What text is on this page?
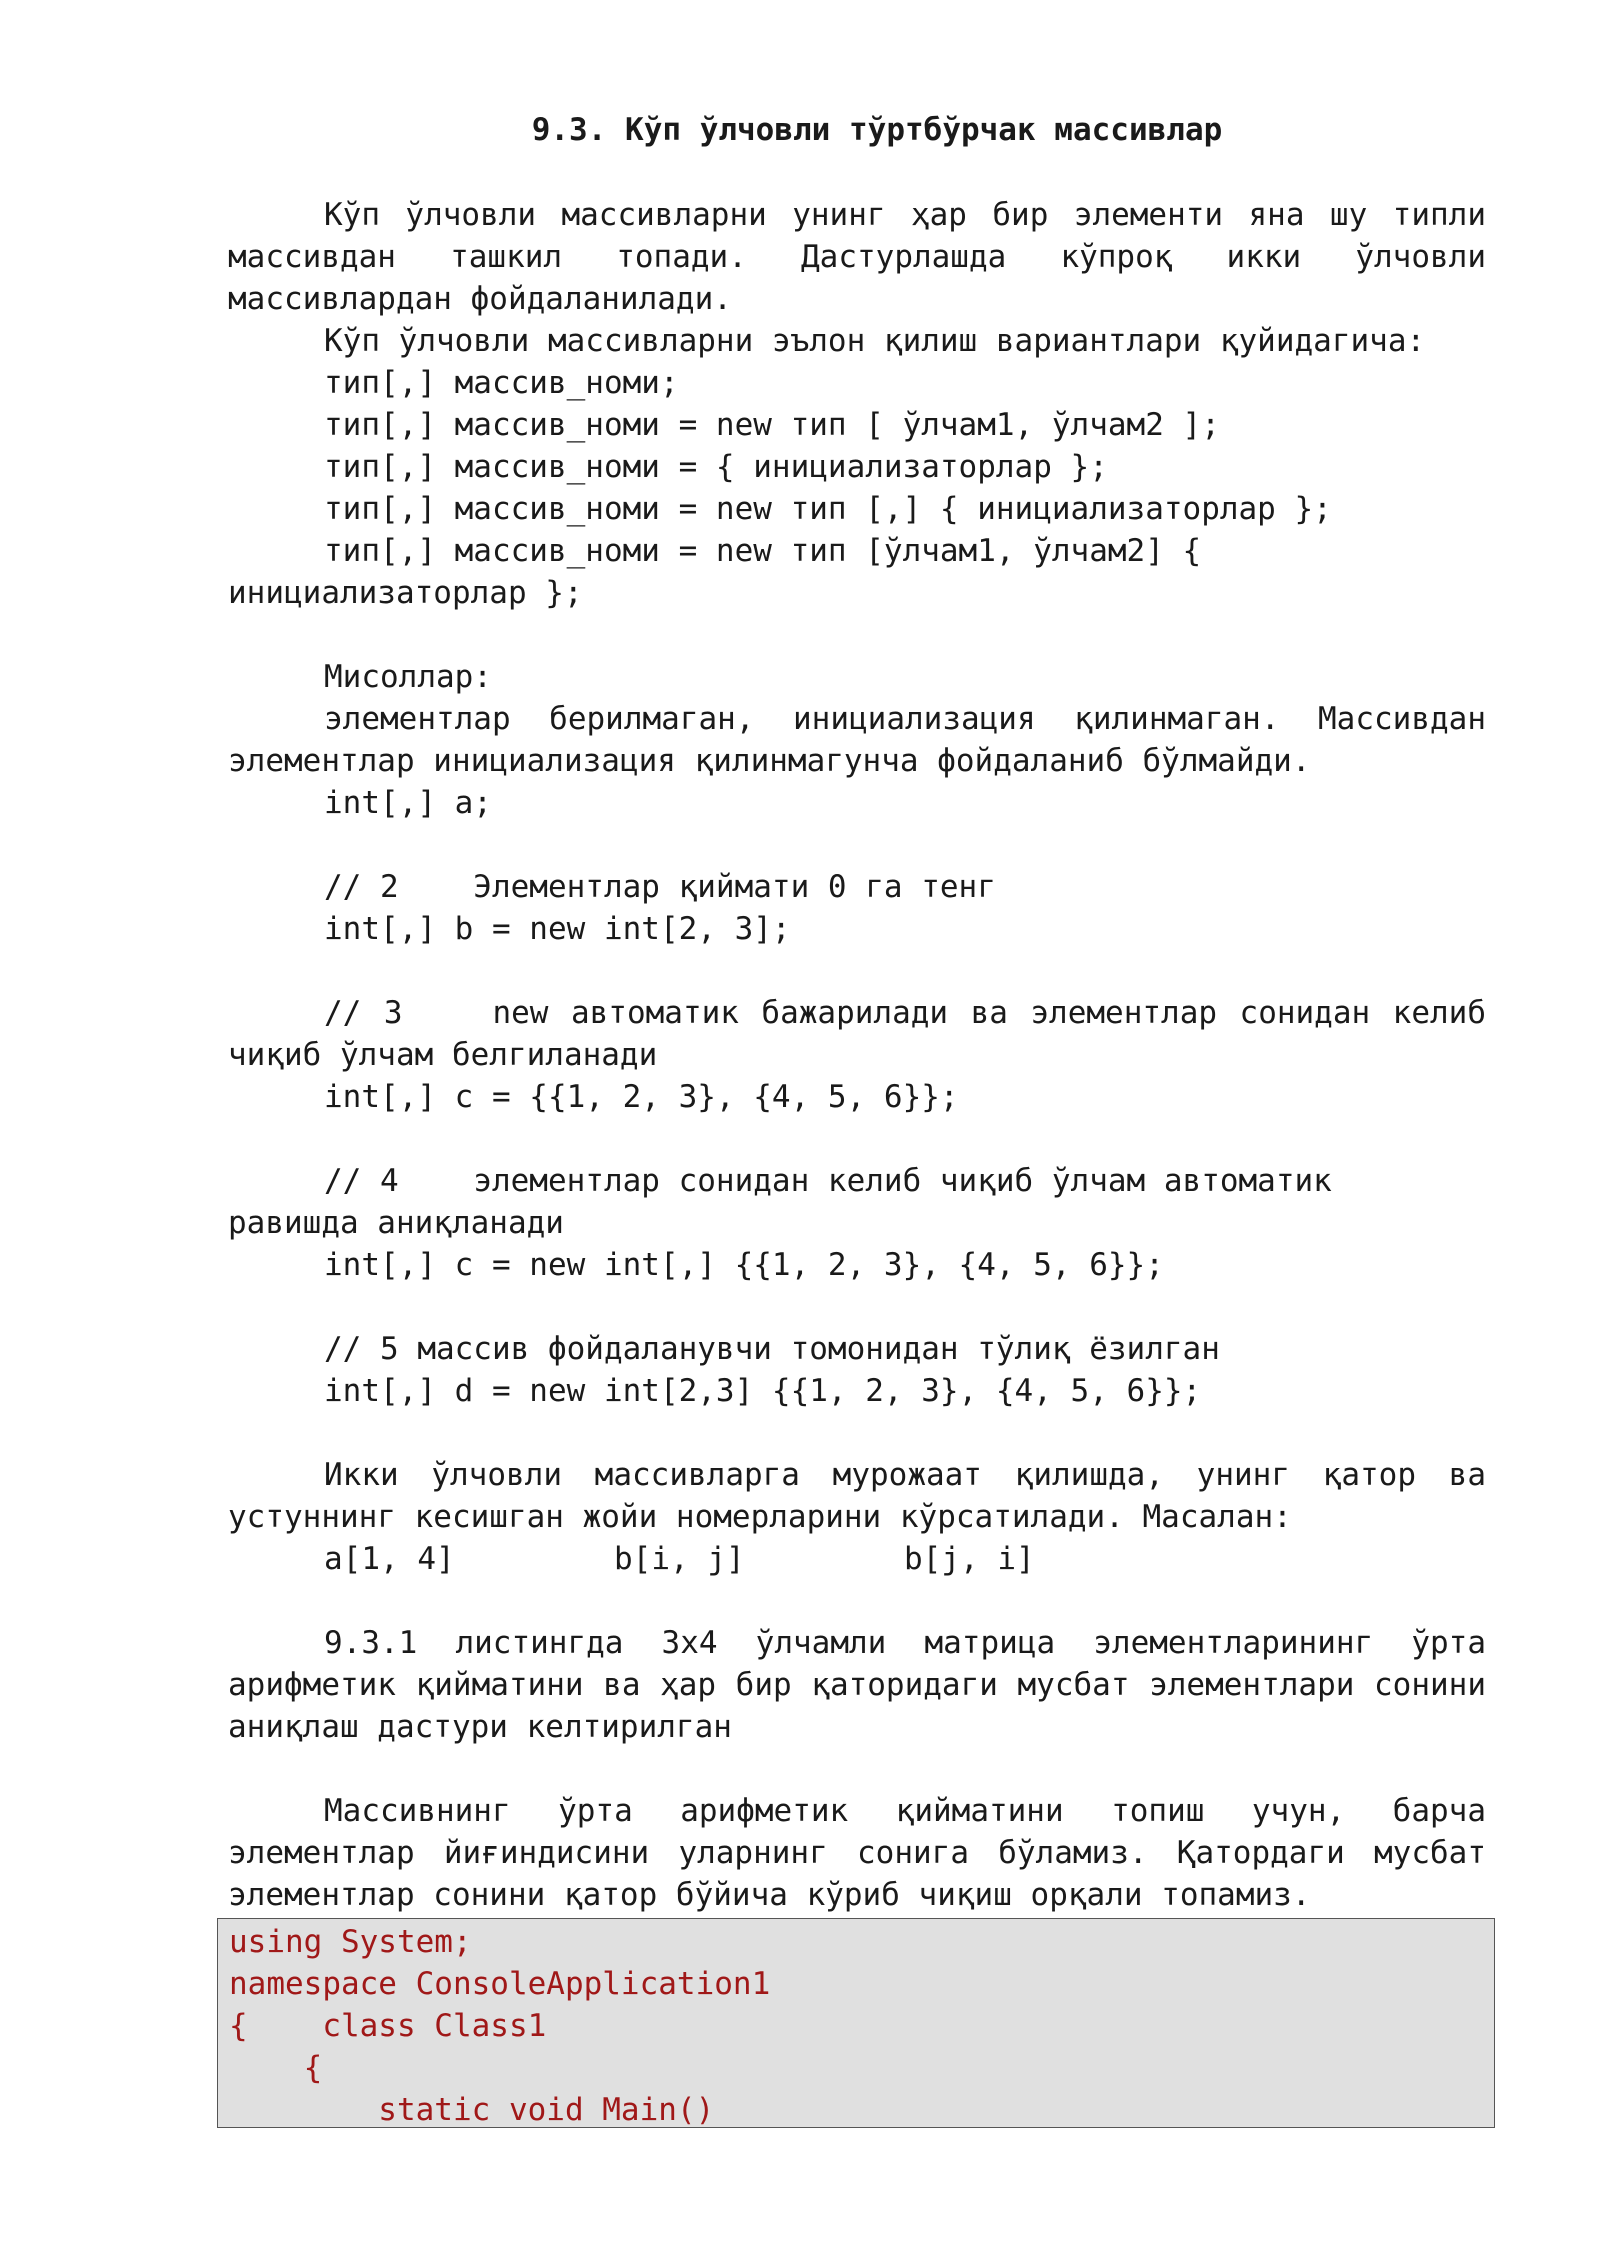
9.3. Кўп ўлчовли тўртбўрчак массивлар

Кўп ўлчовли массивларни унинг ҳар бир элементи яна шу типли массивдан ташкил топади. Дастурлашда кўпроқ икки ўлчовли массивлардан фойдаланилади.

Кўп ўлчовли массивларни эълон қилиш вариантлари қуйидагича:
тип[,] массив_номи;
тип[,] массив_номи = new тип [ ўлчам1, ўлчам2 ];
тип[,] массив_номи = { инициализаторлар };
тип[,] массив_номи = new тип [,] { инициализаторлар };

тип[,] массив_номи = new тип [ўлчам1, ўлчам2] { инициализаторлар };

Мисоллар:

элементлар берилмаган, инициализация қилинмаган. Массивдан элементлар инициализация қилинмагунча фойдаланиб бўлмайди.

int[,] a;
// 2    Элементлар қиймати 0 га тенг
int[,] b = new int[2, 3];

// 3    new автоматик бажарилади ва элементлар сонидан келиб чиқиб ўлчам белгиланади

int[,] c = {{1, 2, 3}, {4, 5, 6}};

// 4    элементлар сонидан келиб чиқиб ўлчам автоматик равишда аниқланади

int[,] c = new int[,] {{1, 2, 3}, {4, 5, 6}};
// 5 массив фойдаланувчи томонидан тўлиқ ёзилган
int[,] d = new int[2,3] {{1, 2, 3}, {4, 5, 6}};

Икки ўлчовли массивларга мурожаат қилишда, унинг қатор ва устуннинг кесишган жойи номерларини кўрсатилади. Масалан:

a[1, 4]	b[i, j]	b[j, i]

9.3.1 листингда 3x4 ўлчамли матрица элементларининг ўрта арифметик қийматини ва ҳар бир қаторидаги мусбат элементлари сонини аниқлаш дастури келтирилган

Массивнинг ўрта арифметик қийматини топиш учун, барча элементлар йиғиндисини уларнинг сонига бўламиз. Қатордаги мусбат элементлар сонини қатор бўйича кўриб чиқиш орқали топамиз.

using System;
namespace ConsoleApplication1
{    class Class1
{
static void Main()
